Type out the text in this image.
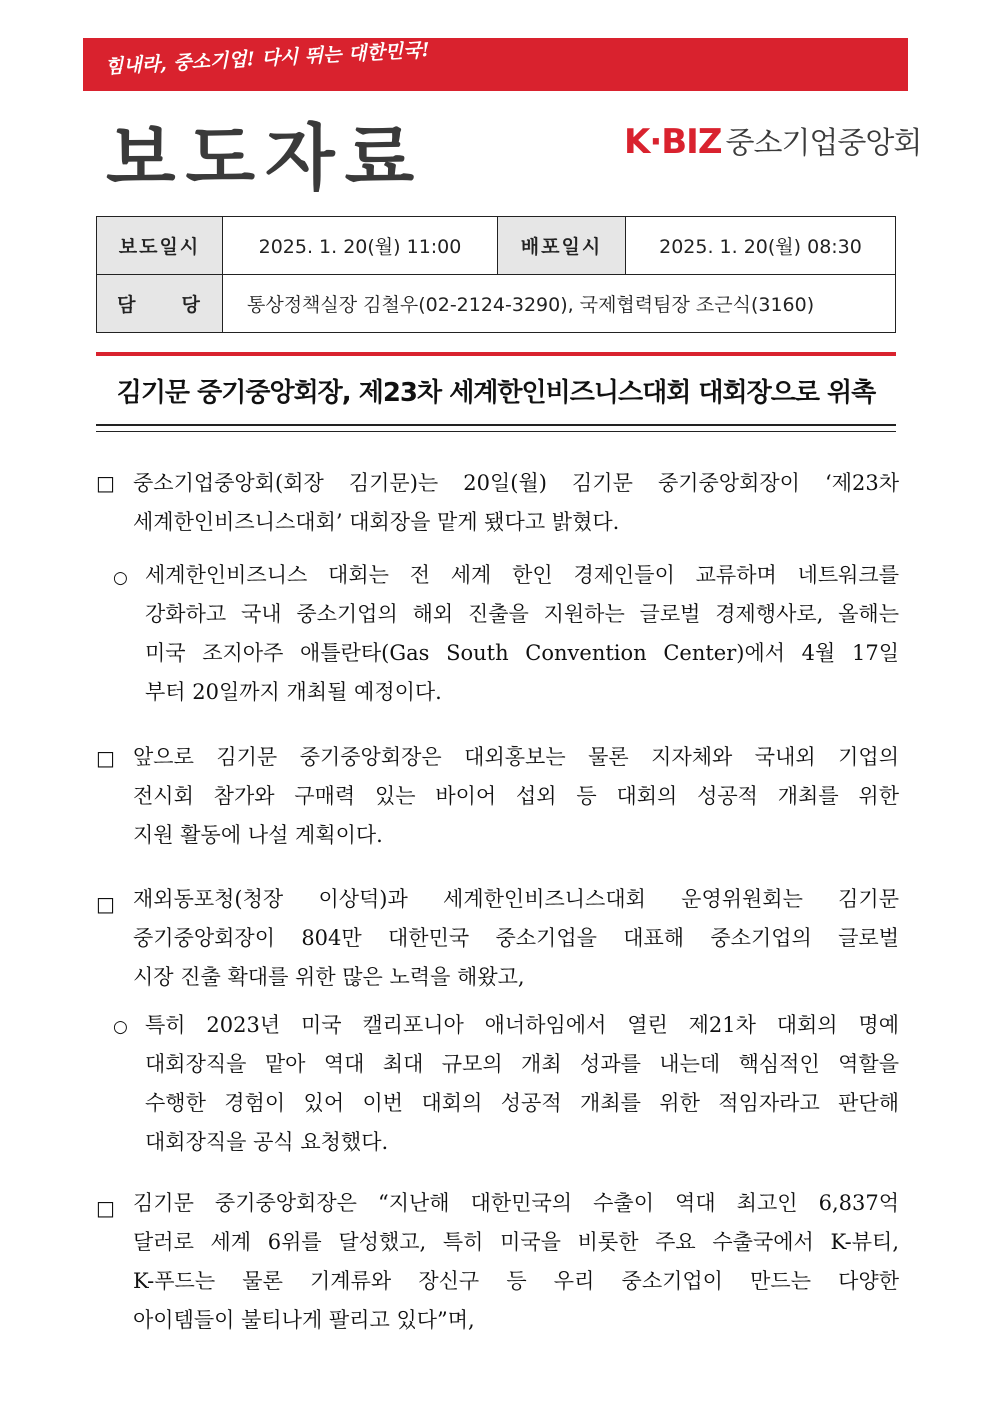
힘내라, 중소기업! 다시 뛰는 대한민국!
보도자료	K·BIZ 중소기업중앙회
보도일시	2025. 1. 20(월) 11:00	배포일시	2025. 1. 20(월) 08:30
담 당	통상정책실장 김철우(02-2124-3290), 국제협력팀장 조근식(3160)		
김기문 중기중앙회장, 제23차 세계한인비즈니스대회 대회장으로 위촉
□ 중소기업중앙회(회장 김기문)는 20일(월) 김기문 중기중앙회장이 ‘제23차
세계한인비즈니스대회’ 대회장을 맡게 됐다고 밝혔다.
○ 세계한인비즈니스 대회는 전 세계 한인 경제인들이 교류하며 네트워크를
강화하고 국내 중소기업의 해외 진출을 지원하는 글로벌 경제행사로, 올해는
미국 조지아주 애틀란타(Gas South Convention Center)에서 4월 17일
부터 20일까지 개최될 예정이다.
□ 앞으로 김기문 중기중앙회장은 대외홍보는 물론 지자체와 국내외 기업의
전시회 참가와 구매력 있는 바이어 섭외 등 대회의 성공적 개최를 위한
지원 활동에 나설 계획이다.
□ 재외동포청(청장 이상덕)과 세계한인비즈니스대회 운영위원회는 김기문
중기중앙회장이 804만 대한민국 중소기업을 대표해 중소기업의 글로벌
시장 진출 확대를 위한 많은 노력을 해왔고,
○ 특히 2023년 미국 캘리포니아 애너하임에서 열린 제21차 대회의 명예
대회장직을 맡아 역대 최대 규모의 개최 성과를 내는데 핵심적인 역할을
수행한 경험이 있어 이번 대회의 성공적 개최를 위한 적임자라고 판단해
대회장직을 공식 요청했다.
□ 김기문 중기중앙회장은 “지난해 대한민국의 수출이 역대 최고인 6,837억
달러로 세계 6위를 달성했고, 특히 미국을 비롯한 주요 수출국에서 K-뷰티,
K-푸드는 물론 기계류와 장신구 등 우리 중소기업이 만드는 다양한
아이템들이 불티나게 팔리고 있다”며,
